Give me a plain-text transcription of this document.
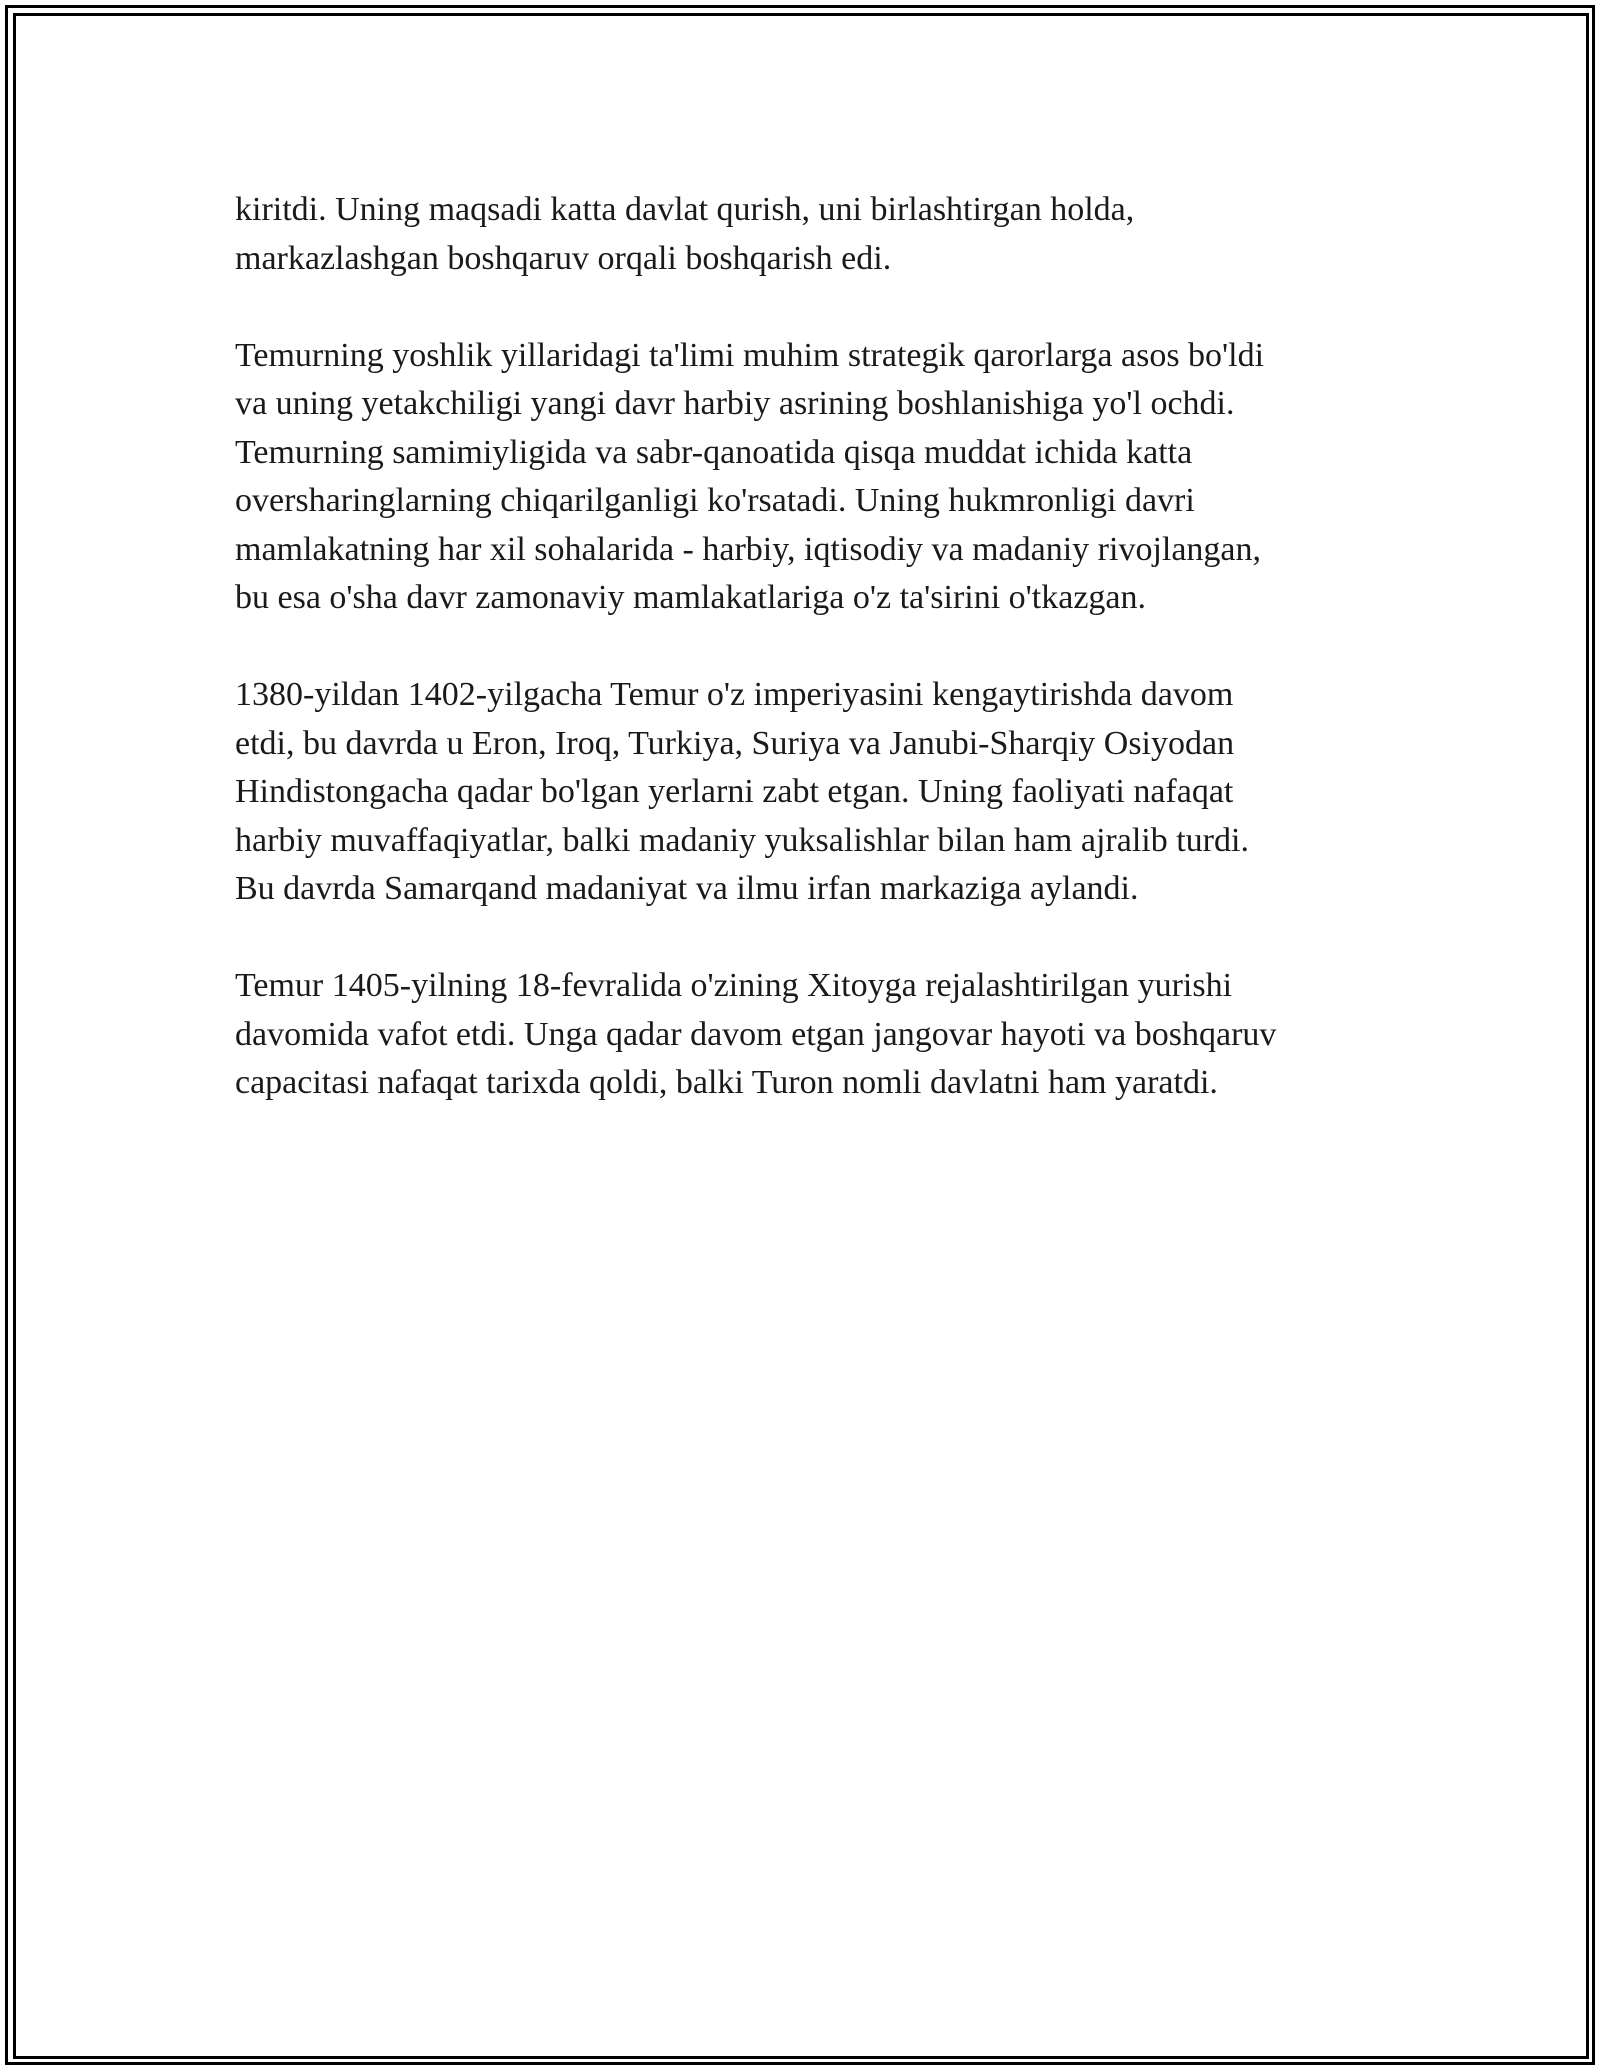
kiritdi. Uning maqsadi katta davlat qurish, uni birlashtirgan holda,
markazlashgan boshqaruv orqali boshqarish edi.

Temurning yoshlik yillaridagi ta'limi muhim strategik qarorlarga asos bo'ldi
va uning yetakchiligi yangi davr harbiy asrining boshlanishiga yo'l ochdi.
Temurning samimiyligida va sabr-qanoatida qisqa muddat ichida katta
oversharinglarning chiqarilganligi ko'rsatadi. Uning hukmronligi davri
mamlakatning har xil sohalarida - harbiy, iqtisodiy va madaniy rivojlangan,
bu esa o'sha davr zamonaviy mamlakatlariga o'z ta'sirini o'tkazgan.

1380-yildan 1402-yilgacha Temur o'z imperiyasini kengaytirishda davom
etdi, bu davrda u Eron, Iroq, Turkiya, Suriya va Janubi-Sharqiy Osiyodan
Hindistongacha qadar bo'lgan yerlarni zabt etgan. Uning faoliyati nafaqat
harbiy muvaffaqiyatlar, balki madaniy yuksalishlar bilan ham ajralib turdi.
Bu davrda Samarqand madaniyat va ilmu irfan markaziga aylandi.

Temur 1405-yilning 18-fevralida o'zining Xitoyga rejalashtirilgan yurishi
davomida vafot etdi. Unga qadar davom etgan jangovar hayoti va boshqaruv
capacitasi nafaqat tarixda qoldi, balki Turon nomli davlatni ham yaratdi.
